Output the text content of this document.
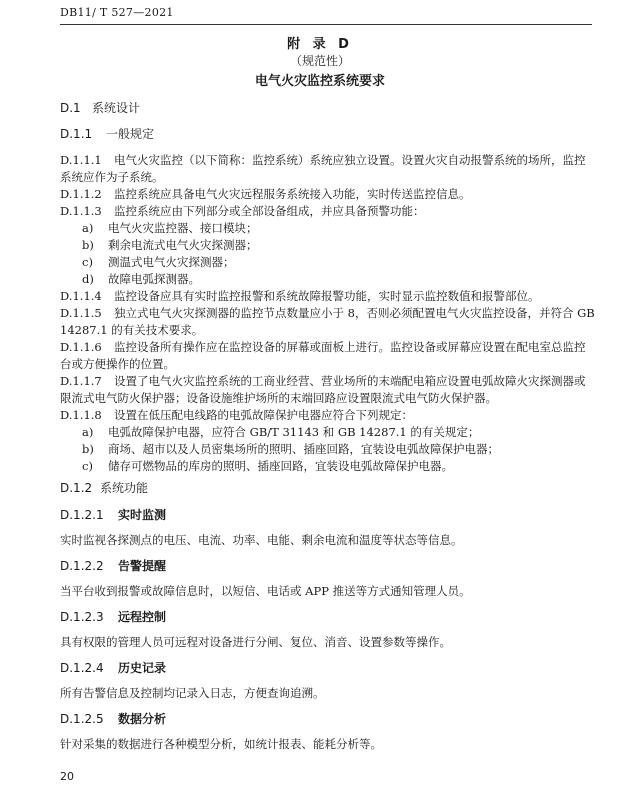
DB11/ T 527—2021
附 录 D
（规范性）
电气火灾监控系统要求
D.1 系统设计
D.1.1 一般规定
D.1.1.1 电气火灾监控（以下简称：监控系统）系统应独立设置。设置火灾自动报警系统的场所，监控
系统应作为子系统。
D.1.1.2 监控系统应具备电气火灾远程服务系统接入功能，实时传送监控信息。
D.1.1.3 监控系统应由下列部分或全部设备组成，并应具备预警功能：
a) 电气火灾监控器、接口模块；
b) 剩余电流式电气火灾探测器；
c) 测温式电气火灾探测器；
d) 故障电弧探测器。
D.1.1.4 监控设备应具有实时监控报警和系统故障报警功能，实时显示监控数值和报警部位。
D.1.1.5 独立式电气火灾探测器的监控节点数量应小于 8，否则必须配置电气火灾监控设备，并符合 GB
14287.1 的有关技术要求。
D.1.1.6 监控设备所有操作应在监控设备的屏幕或面板上进行。监控设备或屏幕应设置在配电室总监控
台或方便操作的位置。
D.1.1.7 设置了电气火灾监控系统的工商业经营、营业场所的末端配电箱应设置电弧故障火灾探测器或
限流式电气防火保护器；设备设施维护场所的末端回路应设置限流式电气防火保护器。
D.1.1.8 设置在低压配电线路的电弧故障保护电器应符合下列规定：
a) 电弧故障保护电器，应符合 GB/T 31143 和 GB 14287.1 的有关规定；
b) 商场、超市以及人员密集场所的照明、插座回路，宜装设电弧故障保护电器；
c) 储存可燃物品的库房的照明、插座回路，宜装设电弧故障保护电器。
D.1.2 系统功能
D.1.2.1 实时监测
实时监视各探测点的电压、电流、功率、电能、剩余电流和温度等状态等信息。
D.1.2.2 告警提醒
当平台收到报警或故障信息时，以短信、电话或 APP 推送等方式通知管理人员。
D.1.2.3 远程控制
具有权限的管理人员可远程对设备进行分闸、复位、消音、设置参数等操作。
D.1.2.4 历史记录
所有告警信息及控制均记录入日志，方便查询追溯。
D.1.2.5 数据分析
针对采集的数据进行各种模型分析，如统计报表、能耗分析等。
20
